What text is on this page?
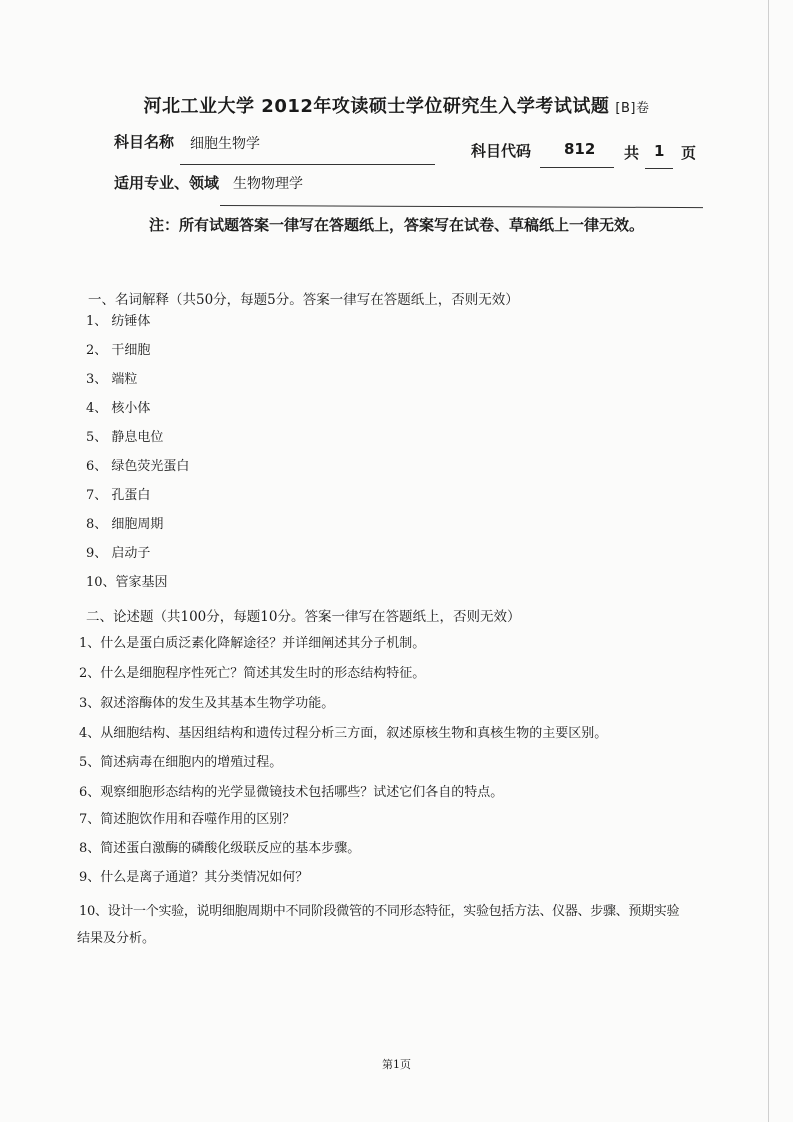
河北工业大学 2012年攻读硕士学位研究生入学考试试题 [B]卷
科目名称 细胞生物学	科目代码 812 共 1 页
适用专业、领域 生物物理学
注：所有试题答案一律写在答题纸上，答案写在试卷、草稿纸上一律无效。
一、名词解释（共50分，每题5分。答案一律写在答题纸上，否则无效）
1、 纺锤体
2、 干细胞
3、 端粒
4、 核小体
5、 静息电位
6、 绿色荧光蛋白
7、 孔蛋白
8、 细胞周期
9、 启动子
10、管家基因
二、论述题（共100分，每题10分。答案一律写在答题纸上，否则无效）
1、什么是蛋白质泛素化降解途径？并详细阐述其分子机制。
2、什么是细胞程序性死亡？简述其发生时的形态结构特征。
3、叙述溶酶体的发生及其基本生物学功能。
4、从细胞结构、基因组结构和遗传过程分析三方面，叙述原核生物和真核生物的主要区别。
5、简述病毒在细胞内的增殖过程。
6、观察细胞形态结构的光学显微镜技术包括哪些？试述它们各自的特点。
7、简述胞饮作用和吞噬作用的区别？
8、简述蛋白激酶的磷酸化级联反应的基本步骤。
9、什么是离子通道？其分类情况如何？
10、设计一个实验，说明细胞周期中不同阶段微管的不同形态特征，实验包括方法、仪器、步骤、预期实验
结果及分析。
第1页
